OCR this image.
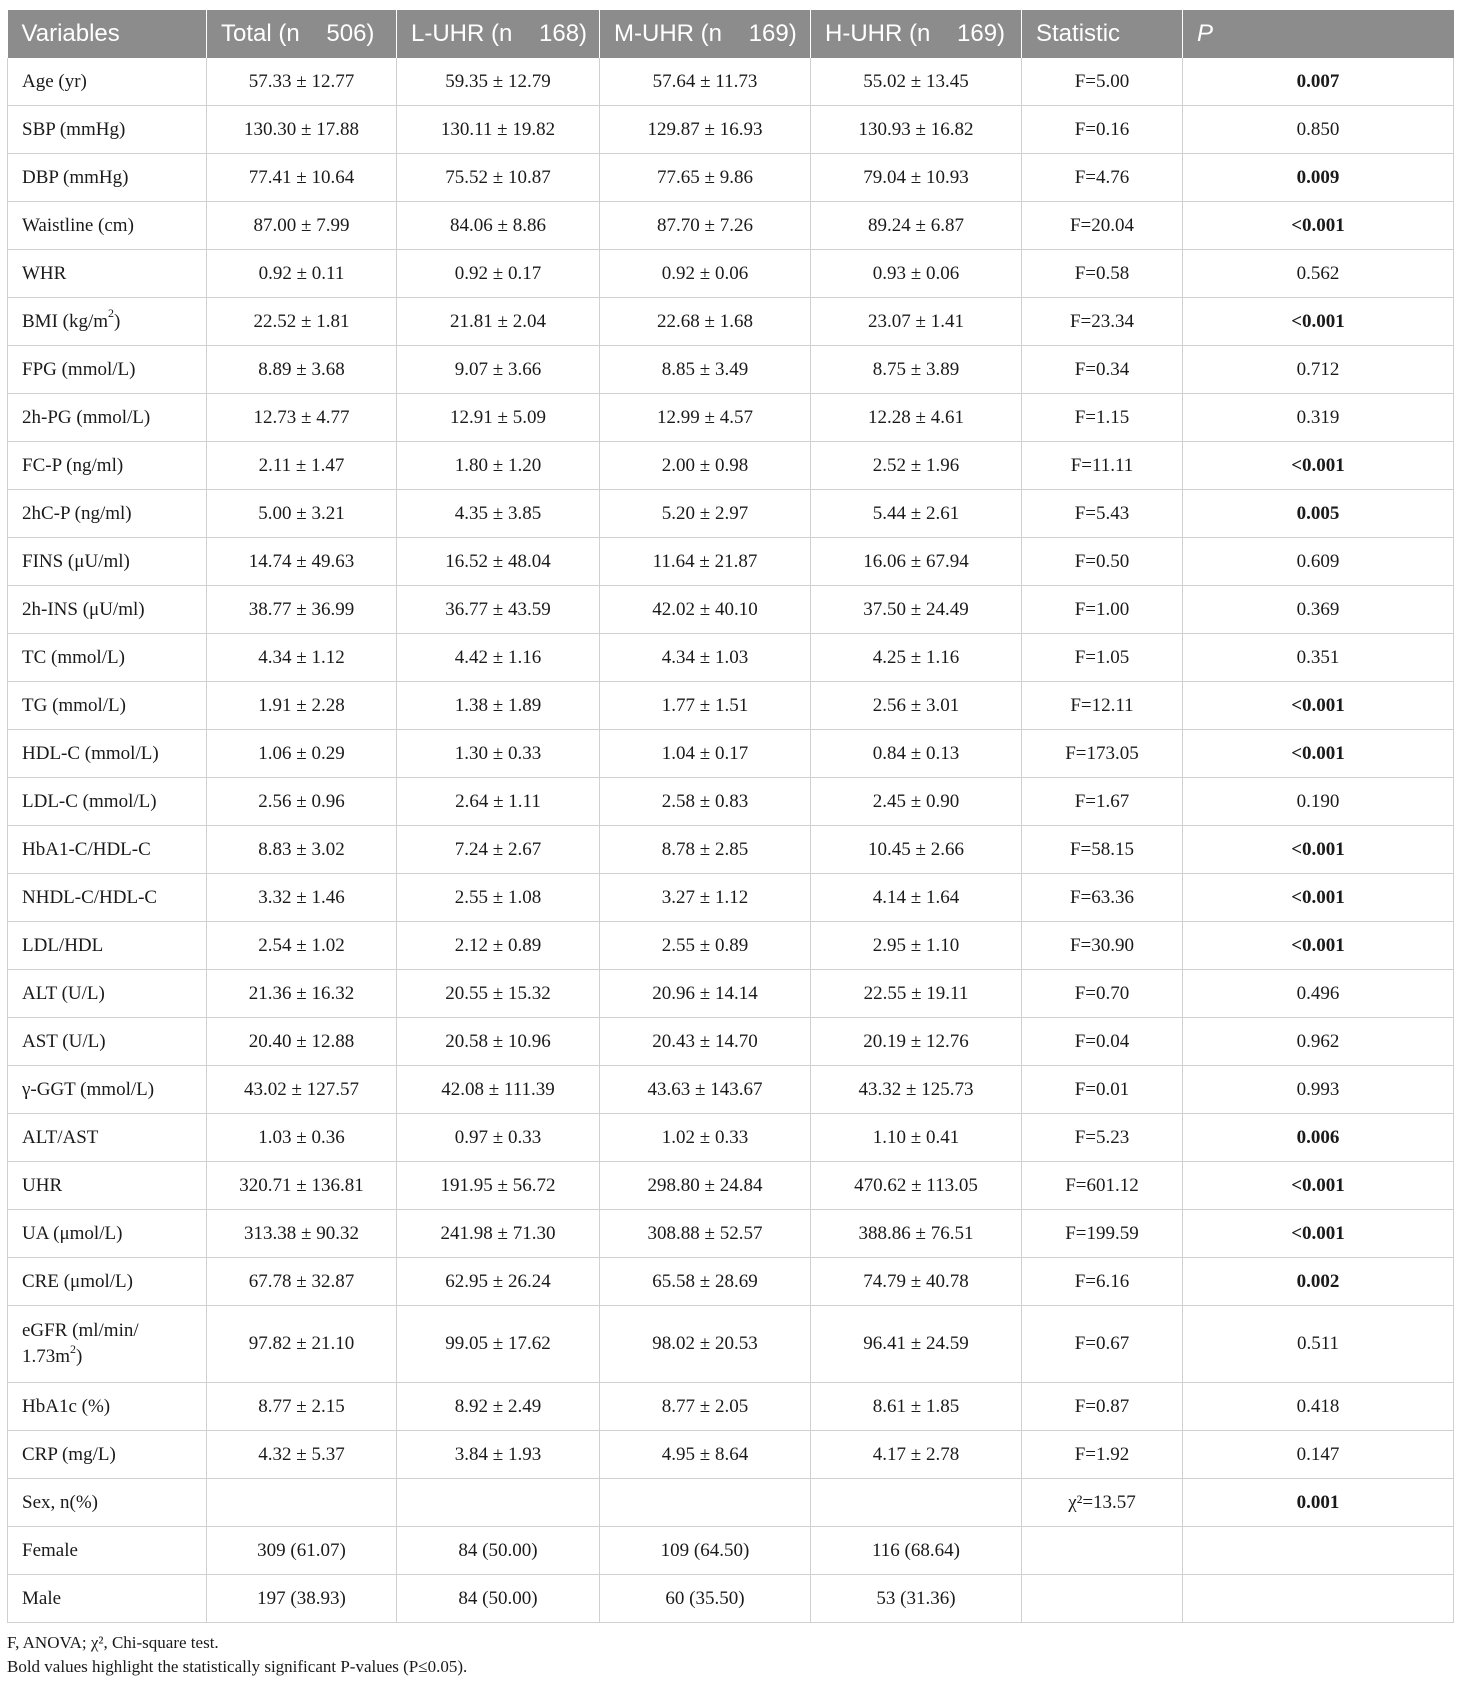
Variables	Total (n    506)	L-UHR (n    168)	M-UHR (n    169)	H-UHR (n    169)	Statistic	P
Age (yr)	57.33 ± 12.77	59.35 ± 12.79	57.64 ± 11.73	55.02 ± 13.45	F=5.00	0.007
SBP (mmHg)	130.30 ± 17.88	130.11 ± 19.82	129.87 ± 16.93	130.93 ± 16.82	F=0.16	0.850
DBP (mmHg)	77.41 ± 10.64	75.52 ± 10.87	77.65 ± 9.86	79.04 ± 10.93	F=4.76	0.009
Waistline (cm)	87.00 ± 7.99	84.06 ± 8.86	87.70 ± 7.26	89.24 ± 6.87	F=20.04	<0.001
WHR	0.92 ± 0.11	0.92 ± 0.17	0.92 ± 0.06	0.93 ± 0.06	F=0.58	0.562
BMI $(kg/m^2)$	22.52 ± 1.81	21.81 ± 2.04	22.68 ± 1.68	23.07 ± 1.41	F=23.34	<0.001
FPG (mmol/L)	8.89 ± 3.68	9.07 ± 3.66	8.85 ± 3.49	8.75 ± 3.89	F=0.34	0.712
2h-PG (mmol/L)	12.73 ± 4.77	12.91 ± 5.09	12.99 ± 4.57	12.28 ± 4.61	F=1.15	0.319
FC-P (ng/ml)	2.11 ± 1.47	1.80 ± 1.20	2.00 ± 0.98	2.52 ± 1.96	F=11.11	<0.001
2hC-P (ng/ml)	5.00 ± 3.21	4.35 ± 3.85	5.20 ± 2.97	5.44 ± 2.61	F=5.43	0.005
FINS (μU/ml)	14.74 ± 49.63	16.52 ± 48.04	11.64 ± 21.87	16.06 ± 67.94	F=0.50	0.609
2h-INS (μU/ml)	38.77 ± 36.99	36.77 ± 43.59	42.02 ± 40.10	37.50 ± 24.49	F=1.00	0.369
TC (mmol/L)	4.34 ± 1.12	4.42 ± 1.16	4.34 ± 1.03	4.25 ± 1.16	F=1.05	0.351
TG (mmol/L)	1.91 ± 2.28	1.38 ± 1.89	1.77 ± 1.51	2.56 ± 3.01	F=12.11	<0.001
HDL-C (mmol/L)	1.06 ± 0.29	1.30 ± 0.33	1.04 ± 0.17	0.84 ± 0.13	F=173.05	<0.001
LDL-C (mmol/L)	2.56 ± 0.96	2.64 ± 1.11	2.58 ± 0.83	2.45 ± 0.90	F=1.67	0.190
HbA1-C/HDL-C	8.83 ± 3.02	7.24 ± 2.67	8.78 ± 2.85	10.45 ± 2.66	F=58.15	<0.001
NHDL-C/HDL-C	3.32 ± 1.46	2.55 ± 1.08	3.27 ± 1.12	4.14 ± 1.64	F=63.36	<0.001
LDL/HDL	2.54 ± 1.02	2.12 ± 0.89	2.55 ± 0.89	2.95 ± 1.10	F=30.90	<0.001
ALT (U/L)	21.36 ± 16.32	20.55 ± 15.32	20.96 ± 14.14	22.55 ± 19.11	F=0.70	0.496
AST (U/L)	20.40 ± 12.88	20.58 ± 10.96	20.43 ± 14.70	20.19 ± 12.76	F=0.04	0.962
γ-GGT (mmol/L)	43.02 ± 127.57	42.08 ± 111.39	43.63 ± 143.67	43.32 ± 125.73	F=0.01	0.993
ALT/AST	1.03 ± 0.36	0.97 ± 0.33	1.02 ± 0.33	1.10 ± 0.41	F=5.23	0.006
UHR	320.71 ± 136.81	191.95 ± 56.72	298.80 ± 24.84	470.62 ± 113.05	F=601.12	<0.001
UA (μmol/L)	313.38 ± 90.32	241.98 ± 71.30	308.88 ± 52.57	388.86 ± 76.51	F=199.59	<0.001
CRE (μmol/L)	67.78 ± 32.87	62.95 ± 26.24	65.58 ± 28.69	74.79 ± 40.78	F=6.16	0.002

eGFR (ml/min/
$1.73m^2$)	97.82 ± 21.10	99.05 ± 17.62	98.02 ± 20.53	96.41 ± 24.59	F=0.67	0.511
HbA1c (%)	8.77 ± 2.15	8.92 ± 2.49	8.77 ± 2.05	8.61 ± 1.85	F=0.87	0.418
CRP (mg/L)	4.32 ± 5.37	3.84 ± 1.93	4.95 ± 8.64	4.17 ± 2.78	F=1.92	0.147
Sex, n(%)					χ²=13.57	0.001
Female	309 (61.07)	84 (50.00)	109 (64.50)	116 (68.64)		
Male	197 (38.93)	84 (50.00)	60 (35.50)	53 (31.36)		
F, ANOVA; χ², Chi-square test.
Bold values highlight the statistically significant P-values (P≤0.05).
